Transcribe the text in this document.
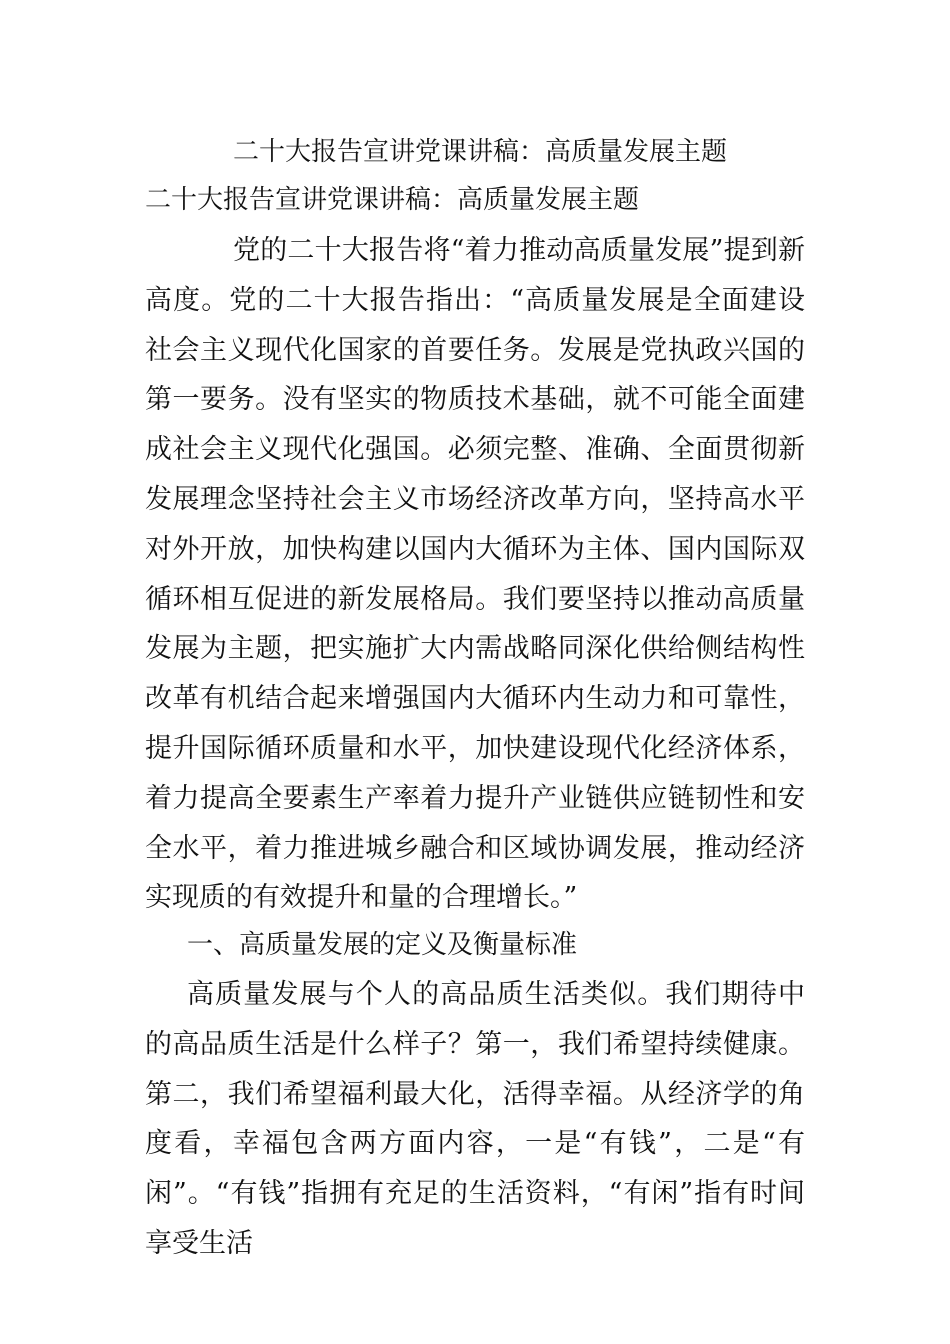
二十大报告宣讲党课讲稿：高质量发展主题
二十大报告宣讲党课讲稿：高质量发展主题

党的二十大报告将“着力推动高质量发展”提到新高度。党的二十大报告指出：“高质量发展是全面建设社会主义现代化国家的首要任务。发展是党执政兴国的第一要务。没有坚实的物质技术基础，就不可能全面建成社会主义现代化强国。必须完整、准确、全面贯彻新发展理念坚持社会主义市场经济改革方向，坚持高水平对外开放，加快构建以国内大循环为主体、国内国际双循环相互促进的新发展格局。我们要坚持以推动高质量发展为主题，把实施扩大内需战略同深化供给侧结构性改革有机结合起来增强国内大循环内生动力和可靠性，提升国际循环质量和水平，加快建设现代化经济体系，着力提高全要素生产率着力提升产业链供应链韧性和安全水平，着力推进城乡融合和区域协调发展，推动经济实现质的有效提升和量的合理增长。”

一、高质量发展的定义及衡量标准

高质量发展与个人的高品质生活类似。我们期待中的高品质生活是什么样子？第一，我们希望持续健康。第二，我们希望福利最大化，活得幸福。从经济学的角度看，幸福包含两方面内容，一是“有钱”，二是“有闲”。“有钱”指拥有充足的生活资料，“有闲”指有时间享受生活
